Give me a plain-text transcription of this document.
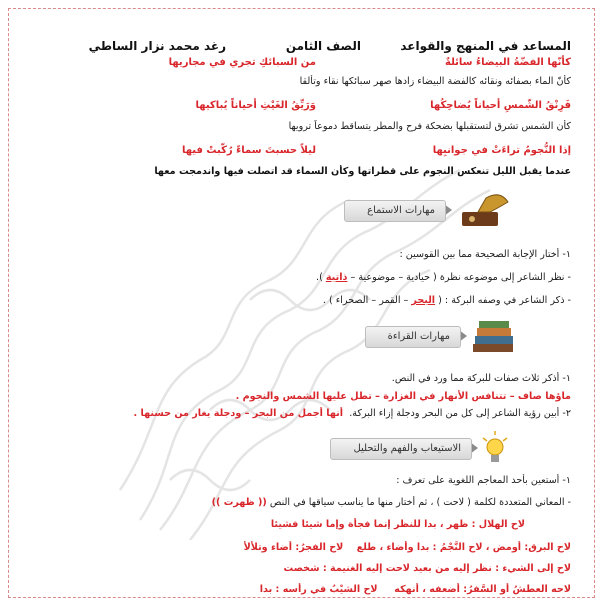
المساعد في المنهج والقواعد
الصف الثامن
رغد محمد نزار الساطي
كأنّها الفضّةُ البيضاءُ سائلةٌ
من السبائكِ تجري في مجاريها
كأنّ الماء بصفائه ونقائه كالفضة البيضاء زادها صهر سبائكها نقاء وتألقا
فَرِنْقُ الشّمسِ أحياناً يُضاحِكُها
وَرَيِّقُ الغَيْثِ أحياناً يُباكيها
كأن الشمس تشرق لتستقبلها بضحكة فرح والمطر يتساقط دموعاً ترويها
إذا النُّجومُ تراءَتْ في جوانبِها
ليلاً حسبتَ سماءً رُكّبتْ فيها
عندما يقبل الليل تنعكس النجوم على قطراتها وكأن السماء قد اتصلت فيها واندمجت معها
مهارات الاستماع
١- أختار الإجابة الصحيحة مما بين القوسين :
- نظر الشاعر إلى موضوعه نظرة ( حيادية – موضوعية – ذاتية ).
- ذكر الشاعر في وصفه البركة : ( البحر – القمر – الصحراء ) .
مهارات القراءة
١- أذكر ثلاث صفات للبركة مما ورد في النص.
ماؤها صاف – تتنافس الأنهار في الغزارة – تطل عليها الشمس والنجوم .
٢- أبين رؤية الشاعر إلى كل من البحر ودجلة إزاء البركة.  أنها أجمل من البحر – ودجلة يغار من حسنها .
الاستيعاب والفهم والتحليل
١- أستعين بأحد المعاجم اللغوية على تعرف :
- المعاني المتعددة لكلمة ( لاحت ) ، ثم أختار منها ما يناسب سياقها في النص (( ظهرت ))
لاح الهلال : ظهر ، بدا للنظر إنما فجأة وإما شيئا فشيئا
لاح البرق: أومض ، لاح النَّجْمُ : بدا وأضاء ، طلع    لاح الفجرُ: أضاء وتلألأ
لاح إلى الشيء : نظر إليه من بعيد لاحت إليه الغنيمة : شخصت
لاحه العطشُ أو السَّفرُ: أضعفه ، أنهكه     لاح الشيْبُ في رأسه : بدا
